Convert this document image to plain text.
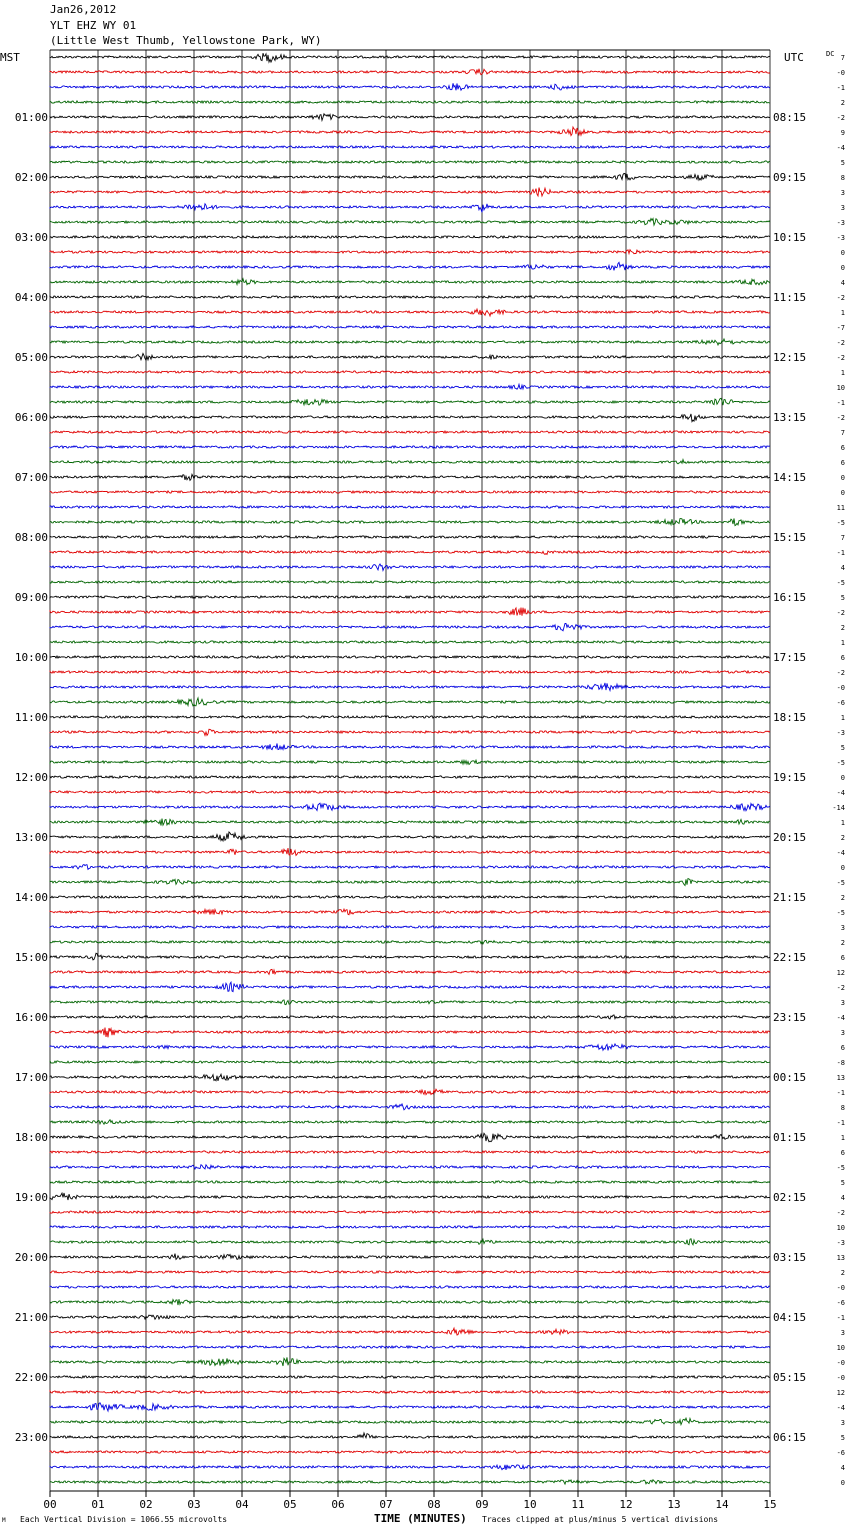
Jan26,2012
YLT EHZ WY 01
(Little West Thumb, Yellowstone Park, WY)
00	01	02	03	04	05	06	07	08	09	10	11	12	13	14	15
MST	UTC	DC
01:00
02:00
03:00
04:00
05:00
06:00
07:00
08:00
09:00
10:00
11:00
12:00
13:00
14:00
15:00
16:00
17:00
18:00
19:00
20:00
21:00
22:00
23:00
08:15
09:15
10:15
11:15
12:15
13:15
14:15
15:15
16:15
17:15
18:15
19:15
20:15
21:15
22:15
23:15
00:15
01:15
02:15
03:15
04:15
05:15
06:15
7
-0
-1
2
-2
9
-4
5
8
3
3
-3
-3
0
0
4
-2
1
-7
-2
-2
1
10
-1
-2
7
6
6
0
0
11
-5
7
-1
4
-5
5
-2
2
1
6
-2
-0
-6
1
-3
5
-5
0
-4
-14
1
2
-4
0
-5
2
-5
3
2
6
12
-2
3
-4
3
6
-8
13
-1
8
-1
1
6
-5
5
4
-2
10
-3
13
2
-0
-6
-1
3
10
-0
-0
12
-4
3
5
-6
4
0
TIME (MINUTES)
M Each Vertical Division = 1066.55 microvolts	Traces clipped at plus/minus 5 vertical divisions
